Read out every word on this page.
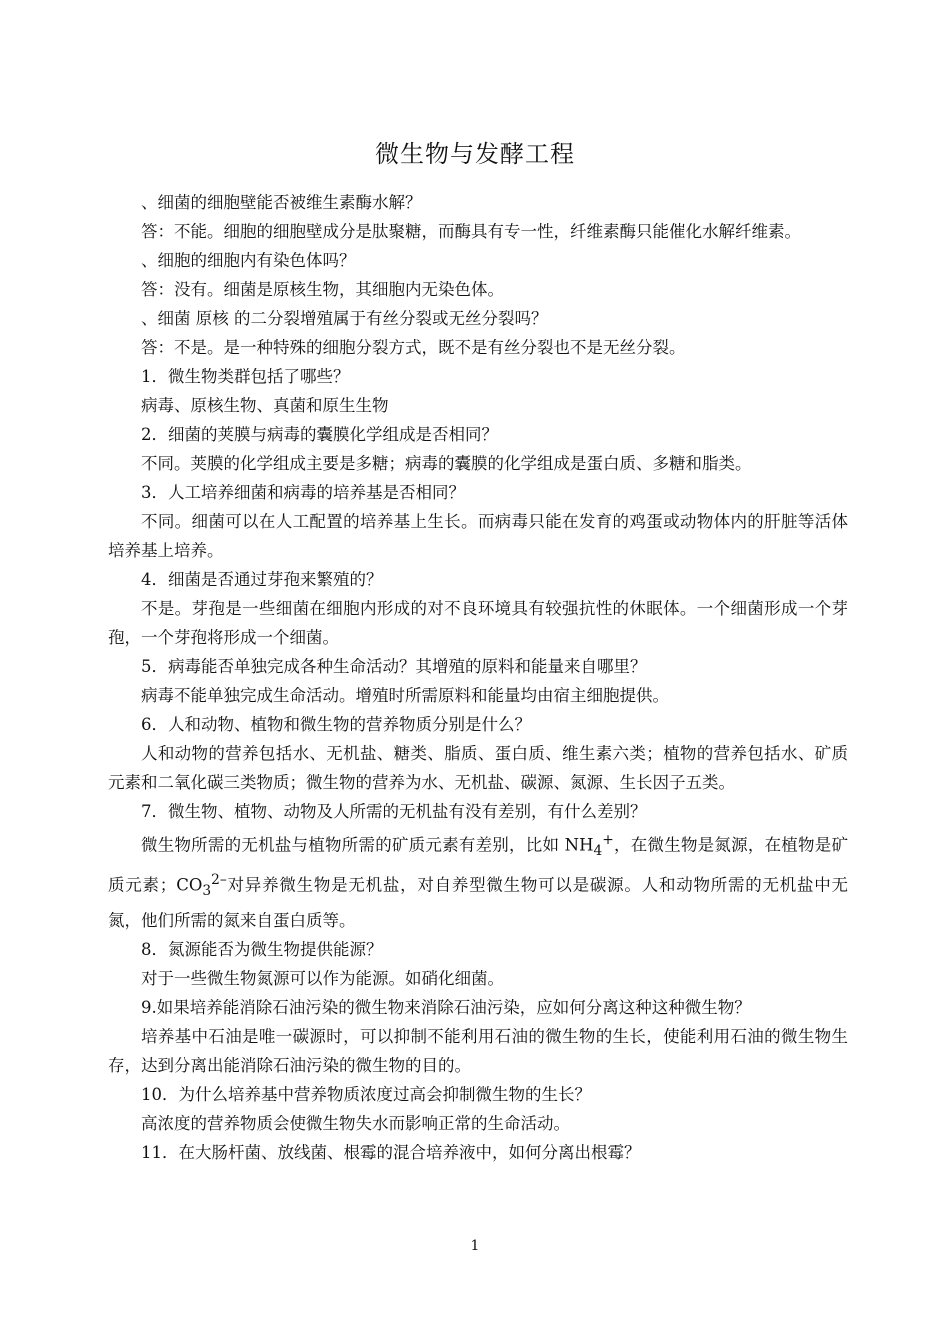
微生物与发酵工程

、细菌的细胞壁能否被维生素酶水解？

答：不能。细胞的细胞壁成分是肽聚糖，而酶具有专一性，纤维素酶只能催化水解纤维素。

、细胞的细胞内有染色体吗？

答：没有。细菌是原核生物，其细胞内无染色体。

、细菌 原核 的二分裂增殖属于有丝分裂或无丝分裂吗？

答：不是。是一种特殊的细胞分裂方式，既不是有丝分裂也不是无丝分裂。

1．微生物类群包括了哪些？

病毒、原核生物、真菌和原生生物

2．细菌的荚膜与病毒的囊膜化学组成是否相同？

不同。荚膜的化学组成主要是多糖；病毒的囊膜的化学组成是蛋白质、多糖和脂类。

3．人工培养细菌和病毒的培养基是否相同？

不同。细菌可以在人工配置的培养基上生长。而病毒只能在发育的鸡蛋或动物体内的肝脏等活体培养基上培养。

4．细菌是否通过芽孢来繁殖的？

不是。芽孢是一些细菌在细胞内形成的对不良环境具有较强抗性的休眠体。一个细菌形成一个芽孢，一个芽孢将形成一个细菌。

5．病毒能否单独完成各种生命活动？其增殖的原料和能量来自哪里？

病毒不能单独完成生命活动。增殖时所需原料和能量均由宿主细胞提供。

6．人和动物、植物和微生物的营养物质分别是什么？

人和动物的营养包括水、无机盐、糖类、脂质、蛋白质、维生素六类；植物的营养包括水、矿质元素和二氧化碳三类物质；微生物的营养为水、无机盐、碳源、氮源、生长因子五类。

7．微生物、植物、动物及人所需的无机盐有没有差别，有什么差别？

微生物所需的无机盐与植物所需的矿质元素有差别，比如 $NH_4^+$，在微生物是氮源，在植物是矿质元素；$CO_3^{2-}$对异养微生物是无机盐，对自养型微生物可以是碳源。人和动物所需的无机盐中无氮，他们所需的氮来自蛋白质等。

8．氮源能否为微生物提供能源？

对于一些微生物氮源可以作为能源。如硝化细菌。

9.如果培养能消除石油污染的微生物来消除石油污染，应如何分离这种这种微生物？

培养基中石油是唯一碳源时，可以抑制不能利用石油的微生物的生长，使能利用石油的微生物生存，达到分离出能消除石油污染的微生物的目的。

10．为什么培养基中营养物质浓度过高会抑制微生物的生长？

高浓度的营养物质会使微生物失水而影响正常的生命活动。

11．在大肠杆菌、放线菌、根霉的混合培养液中，如何分离出根霉？

1
